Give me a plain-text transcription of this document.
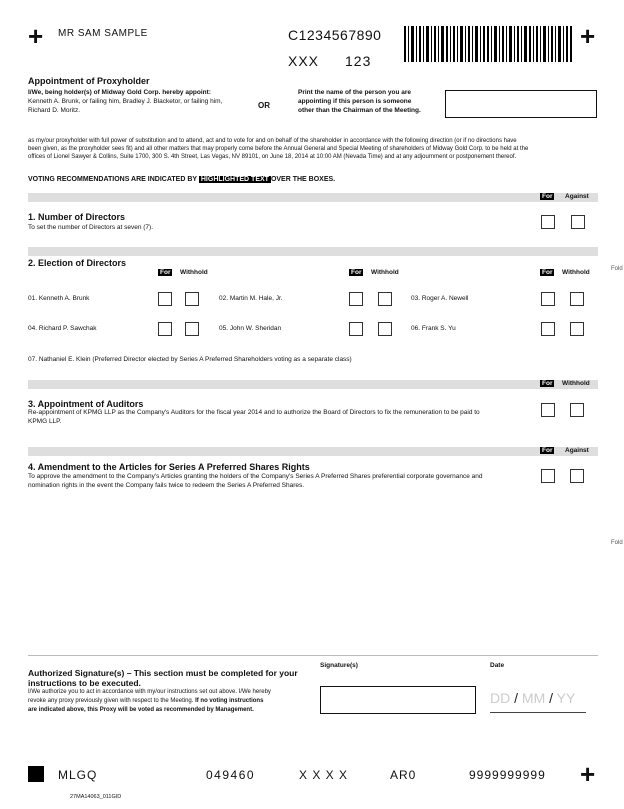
+ MR SAM SAMPLE	C1234567890
XXX 123
+
Appointment of Proxyholder
I/We, being holder(s) of Midway Gold Corp. hereby appoint:
Kenneth A. Brunk, or failing him, Bradley J. Blacketor, or failing him,
Richard D. Moritz.
OR
Print the name of the person you are
appointing if this person is someone
other than the Chairman of the Meeting.
as my/our proxyholder with full power of substitution and to attend, act and to vote for and on behalf of the shareholder in accordance with the following direction (or if no directions have
been given, as the proxyholder sees fit) and all other matters that may properly come before the Annual General and Special Meeting of shareholders of Midway Gold Corp. to be held at the
offices of Lionel Sawyer & Collins, Suite 1700, 300 S. 4th Street, Las Vegas, NV 89101, on June 18, 2014 at 10:00 AM (Nevada Time) and at any adjournment or postponement thereof.
VOTING RECOMMENDATIONS ARE INDICATED BY HIGHLIGHTED TEXT OVER THE BOXES.
For	Against
1. Number of Directors
To set the number of Directors at seven (7).
2. Election of Directors
Fold
For	Withhold	For	Withhold	For	Withhold
01. Kenneth A. Brunk	02. Martin M. Hale, Jr.	03. Roger A. Newell
04. Richard P. Sawchak	05. John W. Sheridan	06. Frank S. Yu
07. Nathaniel E. Klein (Preferred Director elected by Series A Preferred Shareholders voting as a separate class)
For	Withhold
3. Appointment of Auditors
Re-appointment of KPMG LLP as the Company's Auditors for the fiscal year 2014 and to authorize the Board of Directors to fix the remuneration to be paid to
KPMG LLP.
For	Against
4. Amendment to the Articles for Series A Preferred Shares Rights
To approve the amendment to the Company's Articles granting the holders of the Company's Series A Preferred Shares preferential corporate governance and
nomination rights in the event the Company fails twice to redeem the Series A Preferred Shares.
Fold
Authorized Signature(s) – This section must be completed for your
instructions to be executed.
I/We authorize you to act in accordance with my/our instructions set out above. I/We hereby
revoke any proxy previously given with respect to the Meeting. If no voting instructions
are indicated above, this Proxy will be voted as recommended by Management.
Signature(s)	Date
DD / MM / YY
MLGQ	049460	X X X X	AR0	9999999999 +
27MA14063_011GID
